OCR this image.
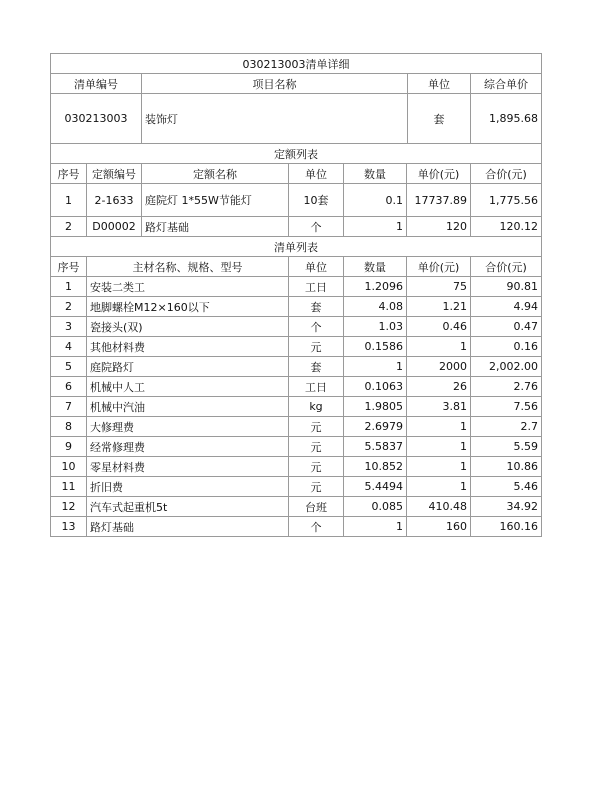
030213003清单详细			
清单编号	项目名称	单位	综合单价
030213003	装饰灯	套	1,895.68
定额列表						
序号	定额编号	定额名称	单位	数量	单价(元)	合价(元)
1	2-1633	庭院灯 1*55W节能灯	10套	0.1	17737.89	1,775.56
2	D00002	路灯基础	个	1	120	120.12
清单列表					
序号	主材名称、规格、型号	单位	数量	单价(元)	合价(元)
1	安装二类工	工日	1.2096	75	90.81
2	地脚螺栓M12×160以下	套	4.08	1.21	4.94
3	瓷接头(双)	个	1.03	0.46	0.47
4	其他材料费	元	0.1586	1	0.16
5	庭院路灯	套	1	2000	2,002.00
6	机械中人工	工日	0.1063	26	2.76
7	机械中汽油	kg	1.9805	3.81	7.56
8	大修理费	元	2.6979	1	2.7
9	经常修理费	元	5.5837	1	5.59
10	零星材料费	元	10.852	1	10.86
11	折旧费	元	5.4494	1	5.46
12	汽车式起重机5t	台班	0.085	410.48	34.92
13	路灯基础	个	1	160	160.16
